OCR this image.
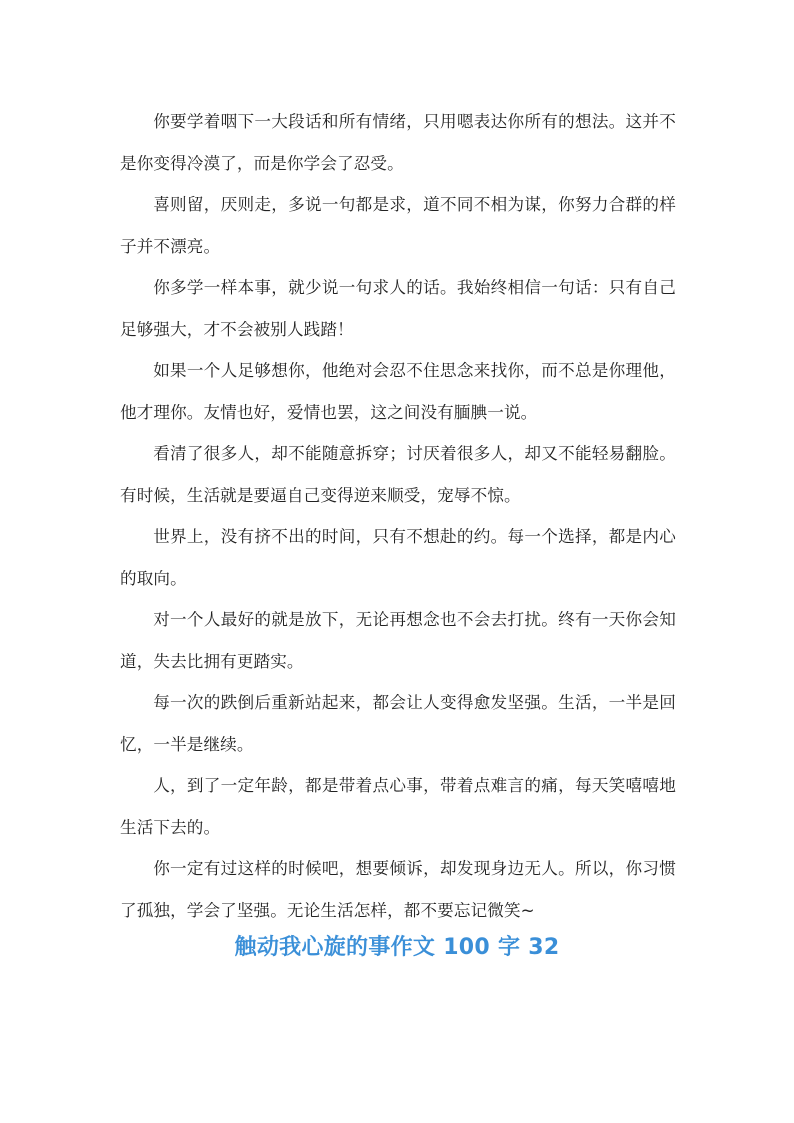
你要学着咽下一大段话和所有情绪，只用嗯表达你所有的想法。这并不是你变得冷漠了，而是你学会了忍受。

喜则留，厌则走，多说一句都是求，道不同不相为谋，你努力合群的样子并不漂亮。

你多学一样本事，就少说一句求人的话。我始终相信一句话：只有自己足够强大，才不会被别人践踏！

如果一个人足够想你，他绝对会忍不住思念来找你，而不总是你理他，他才理你。友情也好，爱情也罢，这之间没有腼腆一说。

看清了很多人，却不能随意拆穿；讨厌着很多人，却又不能轻易翻脸。有时候，生活就是要逼自己变得逆来顺受，宠辱不惊。

世界上，没有挤不出的时间，只有不想赴的约。每一个选择，都是内心的取向。

对一个人最好的就是放下，无论再想念也不会去打扰。终有一天你会知道，失去比拥有更踏实。

每一次的跌倒后重新站起来，都会让人变得愈发坚强。生活，一半是回忆，一半是继续。

人，到了一定年龄，都是带着点心事，带着点难言的痛，每天笑嘻嘻地生活下去的。

你一定有过这样的时候吧，想要倾诉，却发现身边无人。所以，你习惯了孤独，学会了坚强。无论生活怎样，都不要忘记微笑~

触动我心旋的事作文 100 字 32
